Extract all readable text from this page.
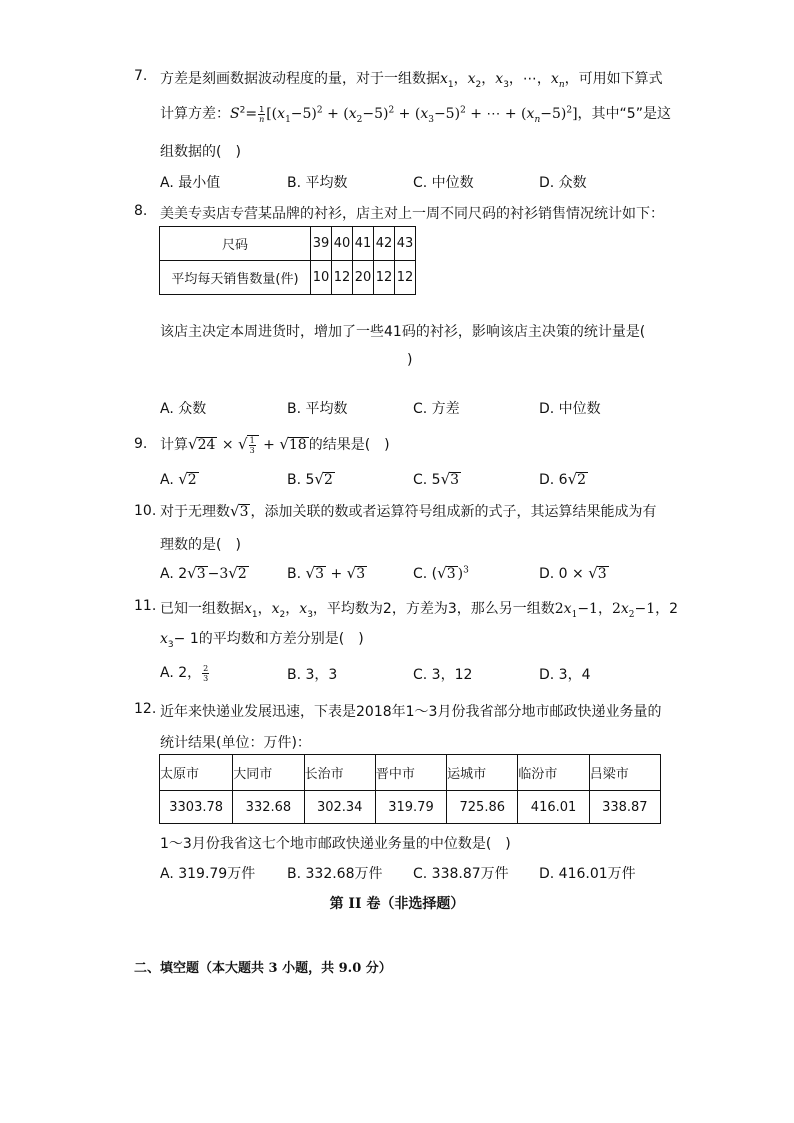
7. 方差是刻画数据波动程度的量，对于一组数据$x_1$，$x_2$，$x_3$，⋯，$x_n$，可用如下算式
计算方差：$S^2= \frac{1}{n} [(x_1-5)^2 + (x_2-5)^2 + (x_3-5)^2$ + ⋯ + $(x_n-5)^2$]，其中“5”是这
组数据的(　)
A. 最小值	B. 平均数	C. 中位数	D. 众数
8. 美美专卖店专营某品牌的衬衫，店主对上一周不同尺码的衬衫销售情况统计如下：
尺码	39	40	41	42	43
平均每天销售数量(件)	10	12	20	12	12
该店主决定本周进货时，增加了一些41码的衬衫，影响该店主决策的统计量是(
)
A. 众数	B. 平均数	C. 方差	D. 中位数
9. 计算√24 × √ $\frac{1}{3} + √18$ 的结果是(　)
A. √2	B. 5√2	C. 5√3	D. 6√2
10. 对于无理数√3 ，添加关联的数或者运算符号组成新的式子，其运算结果能成为有
理数的是(　)
A. 2√3 −3√2	B. √3 + √3	C. (√3 )$^3$	D. 0 × √3
11. 已知一组数据$x_1$，$x_2$，$x_3$，平均数为2，方差为3，那么另一组数$2x_1-1$，$2x_2-1$，2
$x_3- 1$的平均数和方差分别是(　)
A. 2， $\frac{2}{3}$	B. 3，3	C. 3，12	D. 3，4
12. 近年来快递业发展迅速，下表是2018年1～3月份我省部分地市邮政快递业务量的
统计结果(单位：万件)：
太原市	大同市	长治市	晋中市	运城市	临汾市	吕梁市
3303.78	332.68	302.34	319.79	725.86	416.01	338.87
1～3月份我省这七个地市邮政快递业务量的中位数是(　)
A. 319.79万件 B. 332.68万件 C. 338.87万件 D. 416.01万件
第 II 卷（非选择题）
二、填空题（本大题共 3 小题，共 9.0 分）
